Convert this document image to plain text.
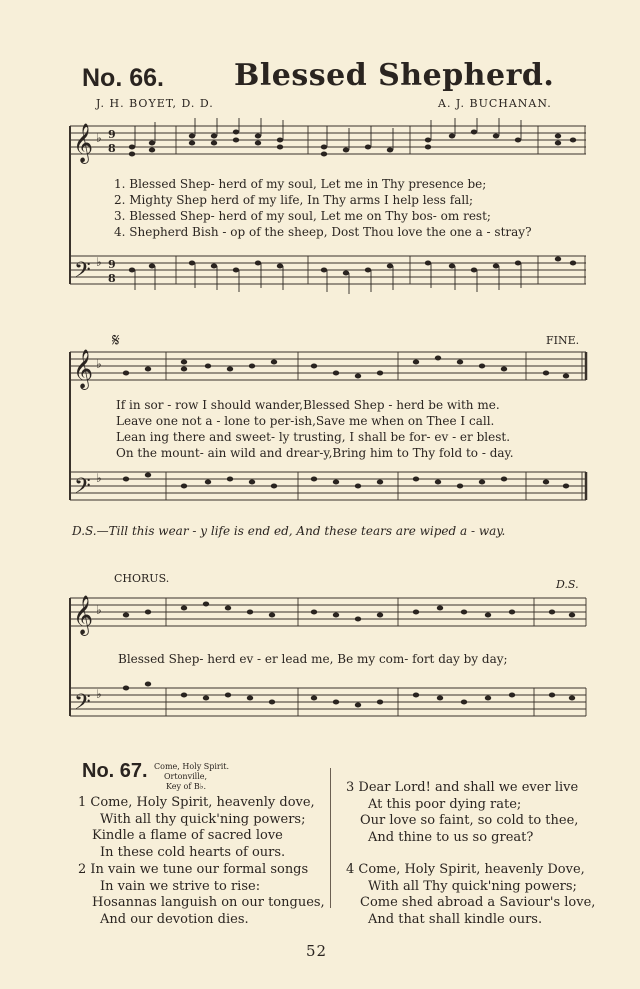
No. 66. Blessed Shepherd.
J. H. BOYET, D. D.	A. J. BUCHANAN.
𝄞
𝄢
♭
♭
9
8
9
8
1. Blessed Shep- herd of my soul, Let me in Thy presence be;
2. Mighty Shep herd of my life, In Thy arms I help less fall;
3. Blessed Shep- herd of my soul, Let me on Thy bos- om rest;
4. Shepherd Bish - op of the sheep, Dost Thou love the one a - stray?
𝄋	FINE.
𝄞
𝄢
♭
♭
If in sor - row I should wander,Blessed Shep - herd be with me.
Leave one not a - lone to per-ish,Save me when on Thee I call.
Lean ing there and sweet- ly trusting, I shall be for- ev - er blest.
On the mount- ain wild and drear-y,Bring him to Thy fold to - day.
D.S.—Till this wear - y life is end ed, And these tears are wiped a - way.
CHORUS.	D.S.
𝄞
𝄢
♭
♭
Blessed Shep- herd ev - er lead me, Be my com- fort day by day;
No. 67. Come, Holy Spirit.
Ortonville,
Key of B♭.
1 Come, Holy Spirit, heavenly dove,
With all thy quick'ning powers;
Kindle a flame of sacred love
In these cold hearts of ours.
2 In vain we tune our formal songs
In vain we strive to rise:
Hosannas languish on our tongues,
And our devotion dies.
3 Dear Lord! and shall we ever live
At this poor dying rate;
Our love so faint, so cold to thee,
And thine to us so great?
4 Come, Holy Spirit, heavenly Dove,
With all Thy quick'ning powers;
Come shed abroad a Saviour's love,
And that shall kindle ours.
52
